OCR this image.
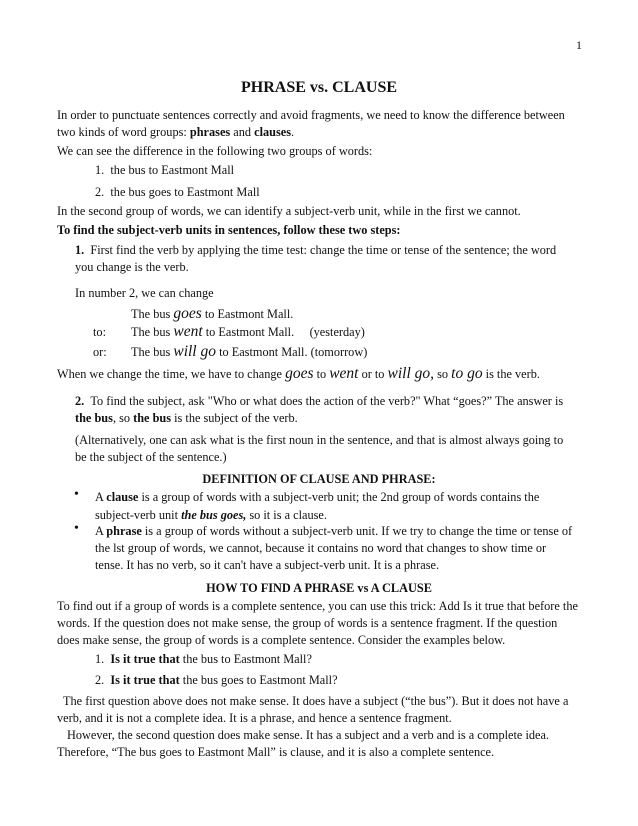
1
PHRASE vs. CLAUSE
In order to punctuate sentences correctly and avoid fragments, we need to know the difference between
two kinds of word groups: phrases and clauses.
We can see the difference in the following two groups of words:
1. the bus to Eastmont Mall
2. the bus goes to Eastmont Mall
In the second group of words, we can identify a subject-verb unit, while in the first we cannot.
To find the subject-verb units in sentences, follow these two steps:
1. First find the verb by applying the time test: change the time or tense of the sentence; the word
you change is the verb.
In number 2, we can change
The bus goes to Eastmont Mall.
to: The bus went to Eastmont Mall. (yesterday)
or: The bus will go to Eastmont Mall. (tomorrow)
When we change the time, we have to change goes to went or to will go, so to go is the verb.
2. To find the subject, ask "Who or what does the action of the verb?" What “goes?” The answer is
the bus, so the bus is the subject of the verb.
(Alternatively, one can ask what is the first noun in the sentence, and that is almost always going to
be the subject of the sentence.)
DEFINITION OF CLAUSE AND PHRASE:
• A clause is a group of words with a subject-verb unit; the 2nd group of words contains the
subject-verb unit the bus goes, so it is a clause.
• A phrase is a group of words without a subject-verb unit. If we try to change the time or tense of
the lst group of words, we cannot, because it contains no word that changes to show time or
tense. It has no verb, so it can't have a subject-verb unit. It is a phrase.
HOW TO FIND A PHRASE vs A CLAUSE
To find out if a group of words is a complete sentence, you can use this trick: Add Is it true that before the
words. If the question does not make sense, the group of words is a sentence fragment. If the question
does make sense, the group of words is a complete sentence. Consider the examples below.
1. Is it true that the bus to Eastmont Mall?
2. Is it true that the bus goes to Eastmont Mall?
The first question above does not make sense. It does have a subject (“the bus”). But it does not have a
verb, and it is not a complete idea. It is a phrase, and hence a sentence fragment.
However, the second question does make sense. It has a subject and a verb and is a complete idea.
Therefore, “The bus goes to Eastmont Mall” is clause, and it is also a complete sentence.
